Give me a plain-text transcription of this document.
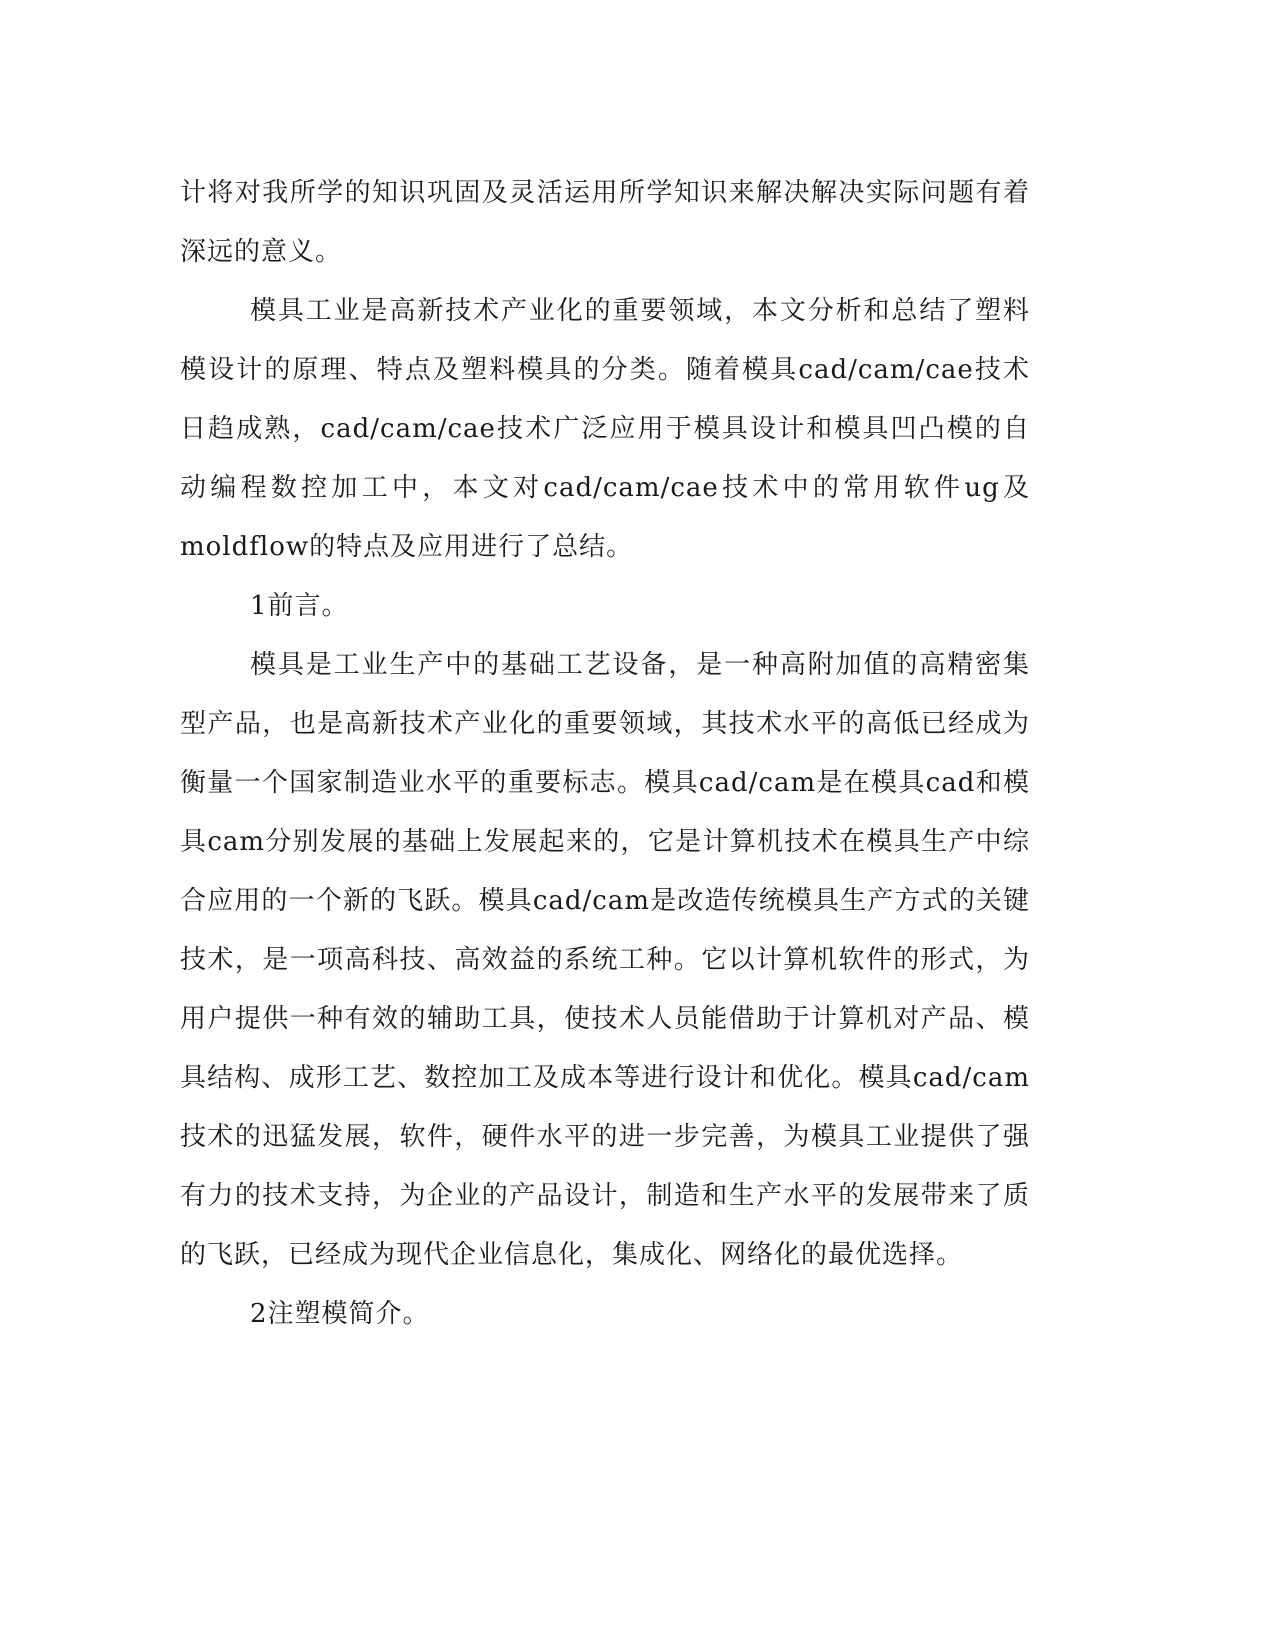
计将对我所学的知识巩固及灵活运用所学知识来解决解决实际问题有着深远的意义。

模具工业是高新技术产业化的重要领域，本文分析和总结了塑料模设计的原理、特点及塑料模具的分类。随着模具cad/cam/cae技术日趋成熟，cad/cam/cae技术广泛应用于模具设计和模具凹凸模的自动编程数控加工中，本文对cad/cam/cae技术中的常用软件ug及moldflow的特点及应用进行了总结。

1前言。

模具是工业生产中的基础工艺设备，是一种高附加值的高精密集型产品，也是高新技术产业化的重要领域，其技术水平的高低已经成为衡量一个国家制造业水平的重要标志。模具cad/cam是在模具cad和模具cam分别发展的基础上发展起来的，它是计算机技术在模具生产中综合应用的一个新的飞跃。模具cad/cam是改造传统模具生产方式的关键技术，是一项高科技、高效益的系统工种。它以计算机软件的形式，为用户提供一种有效的辅助工具，使技术人员能借助于计算机对产品、模具结构、成形工艺、数控加工及成本等进行设计和优化。模具cad/cam技术的迅猛发展，软件，硬件水平的进一步完善，为模具工业提供了强有力的技术支持，为企业的产品设计，制造和生产水平的发展带来了质的飞跃，已经成为现代企业信息化，集成化、网络化的最优选择。

2注塑模简介。
